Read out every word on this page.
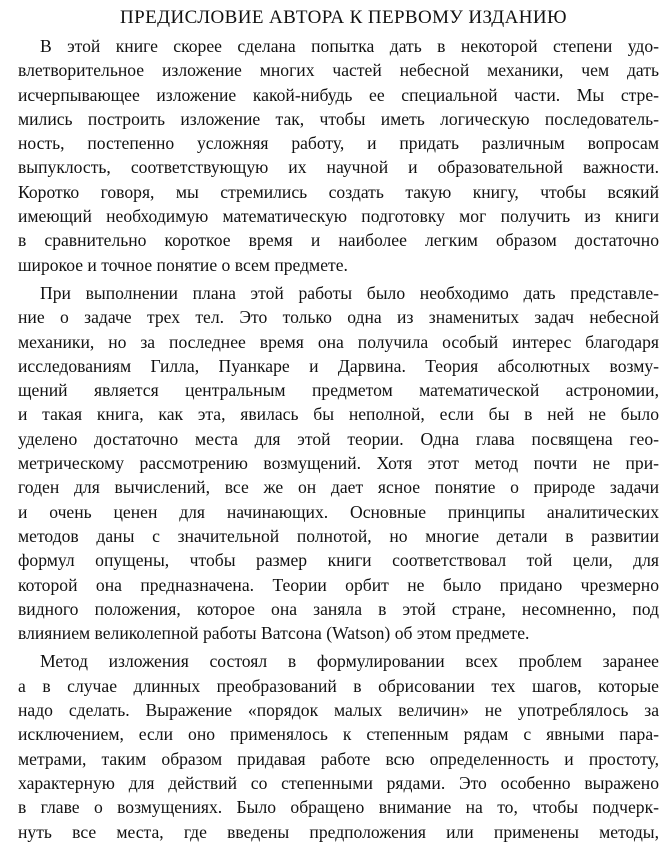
ПРЕДИСЛОВИЕ АВТОРА К ПЕРВОМУ ИЗДАНИЮ

В этой книге скорее сделана попытка дать в некоторой степени удо-
влетворительное изложение многих частей небесной механики, чем дать
исчерпывающее изложение какой-нибудь ее специальной части. Мы стре-
мились построить изложение так, чтобы иметь логическую последователь-
ность, постепенно усложняя работу, и придать различным вопросам
выпуклость, соответствующую их научной и образовательной важности.
Коротко говоря, мы стремились создать такую книгу, чтобы всякий
имеющий необходимую математическую подготовку мог получить из книги
в сравнительно короткое время и наиболее легким образом достаточно
широкое и точное понятие о всем предмете.

При выполнении плана этой работы было необходимо дать представле-
ние о задаче трех тел. Это только одна из знаменитых задач небесной
механики, но за последнее время она получила особый интерес благодаря
исследованиям Гилла, Пуанкаре и Дарвина. Теория абсолютных возму-
щений является центральным предметом математической астрономии,
и такая книга, как эта, явилась бы неполной, если бы в ней не было
уделено достаточно места для этой теории. Одна глава посвящена гео-
метрическому рассмотрению возмущений. Хотя этот метод почти не при-
годен для вычислений, все же он дает ясное понятие о природе задачи
и очень ценен для начинающих. Основные принципы аналитических
методов даны с значительной полнотой, но многие детали в развитии
формул опущены, чтобы размер книги соответствовал той цели, для
которой она предназначена. Теории орбит не было придано чрезмерно
видного положения, которое она заняла в этой стране, несомненно, под
влиянием великолепной работы Ватсона (Watson) об этом предмете.

Метод изложения состоял в формулировании всех проблем заранее
а в случае длинных преобразований в обрисовании тех шагов, которые
надо сделать. Выражение «порядок малых величин» не употреблялось за
исключением, если оно применялось к степенным рядам с явными пара-
метрами, таким образом придавая работе всю определенность и простоту,
характерную для действий со степенными рядами. Это особенно выражено
в главе о возмущениях. Было обращено внимание на то, чтобы подчерк-
нуть все места, где введены предположения или применены методы,
